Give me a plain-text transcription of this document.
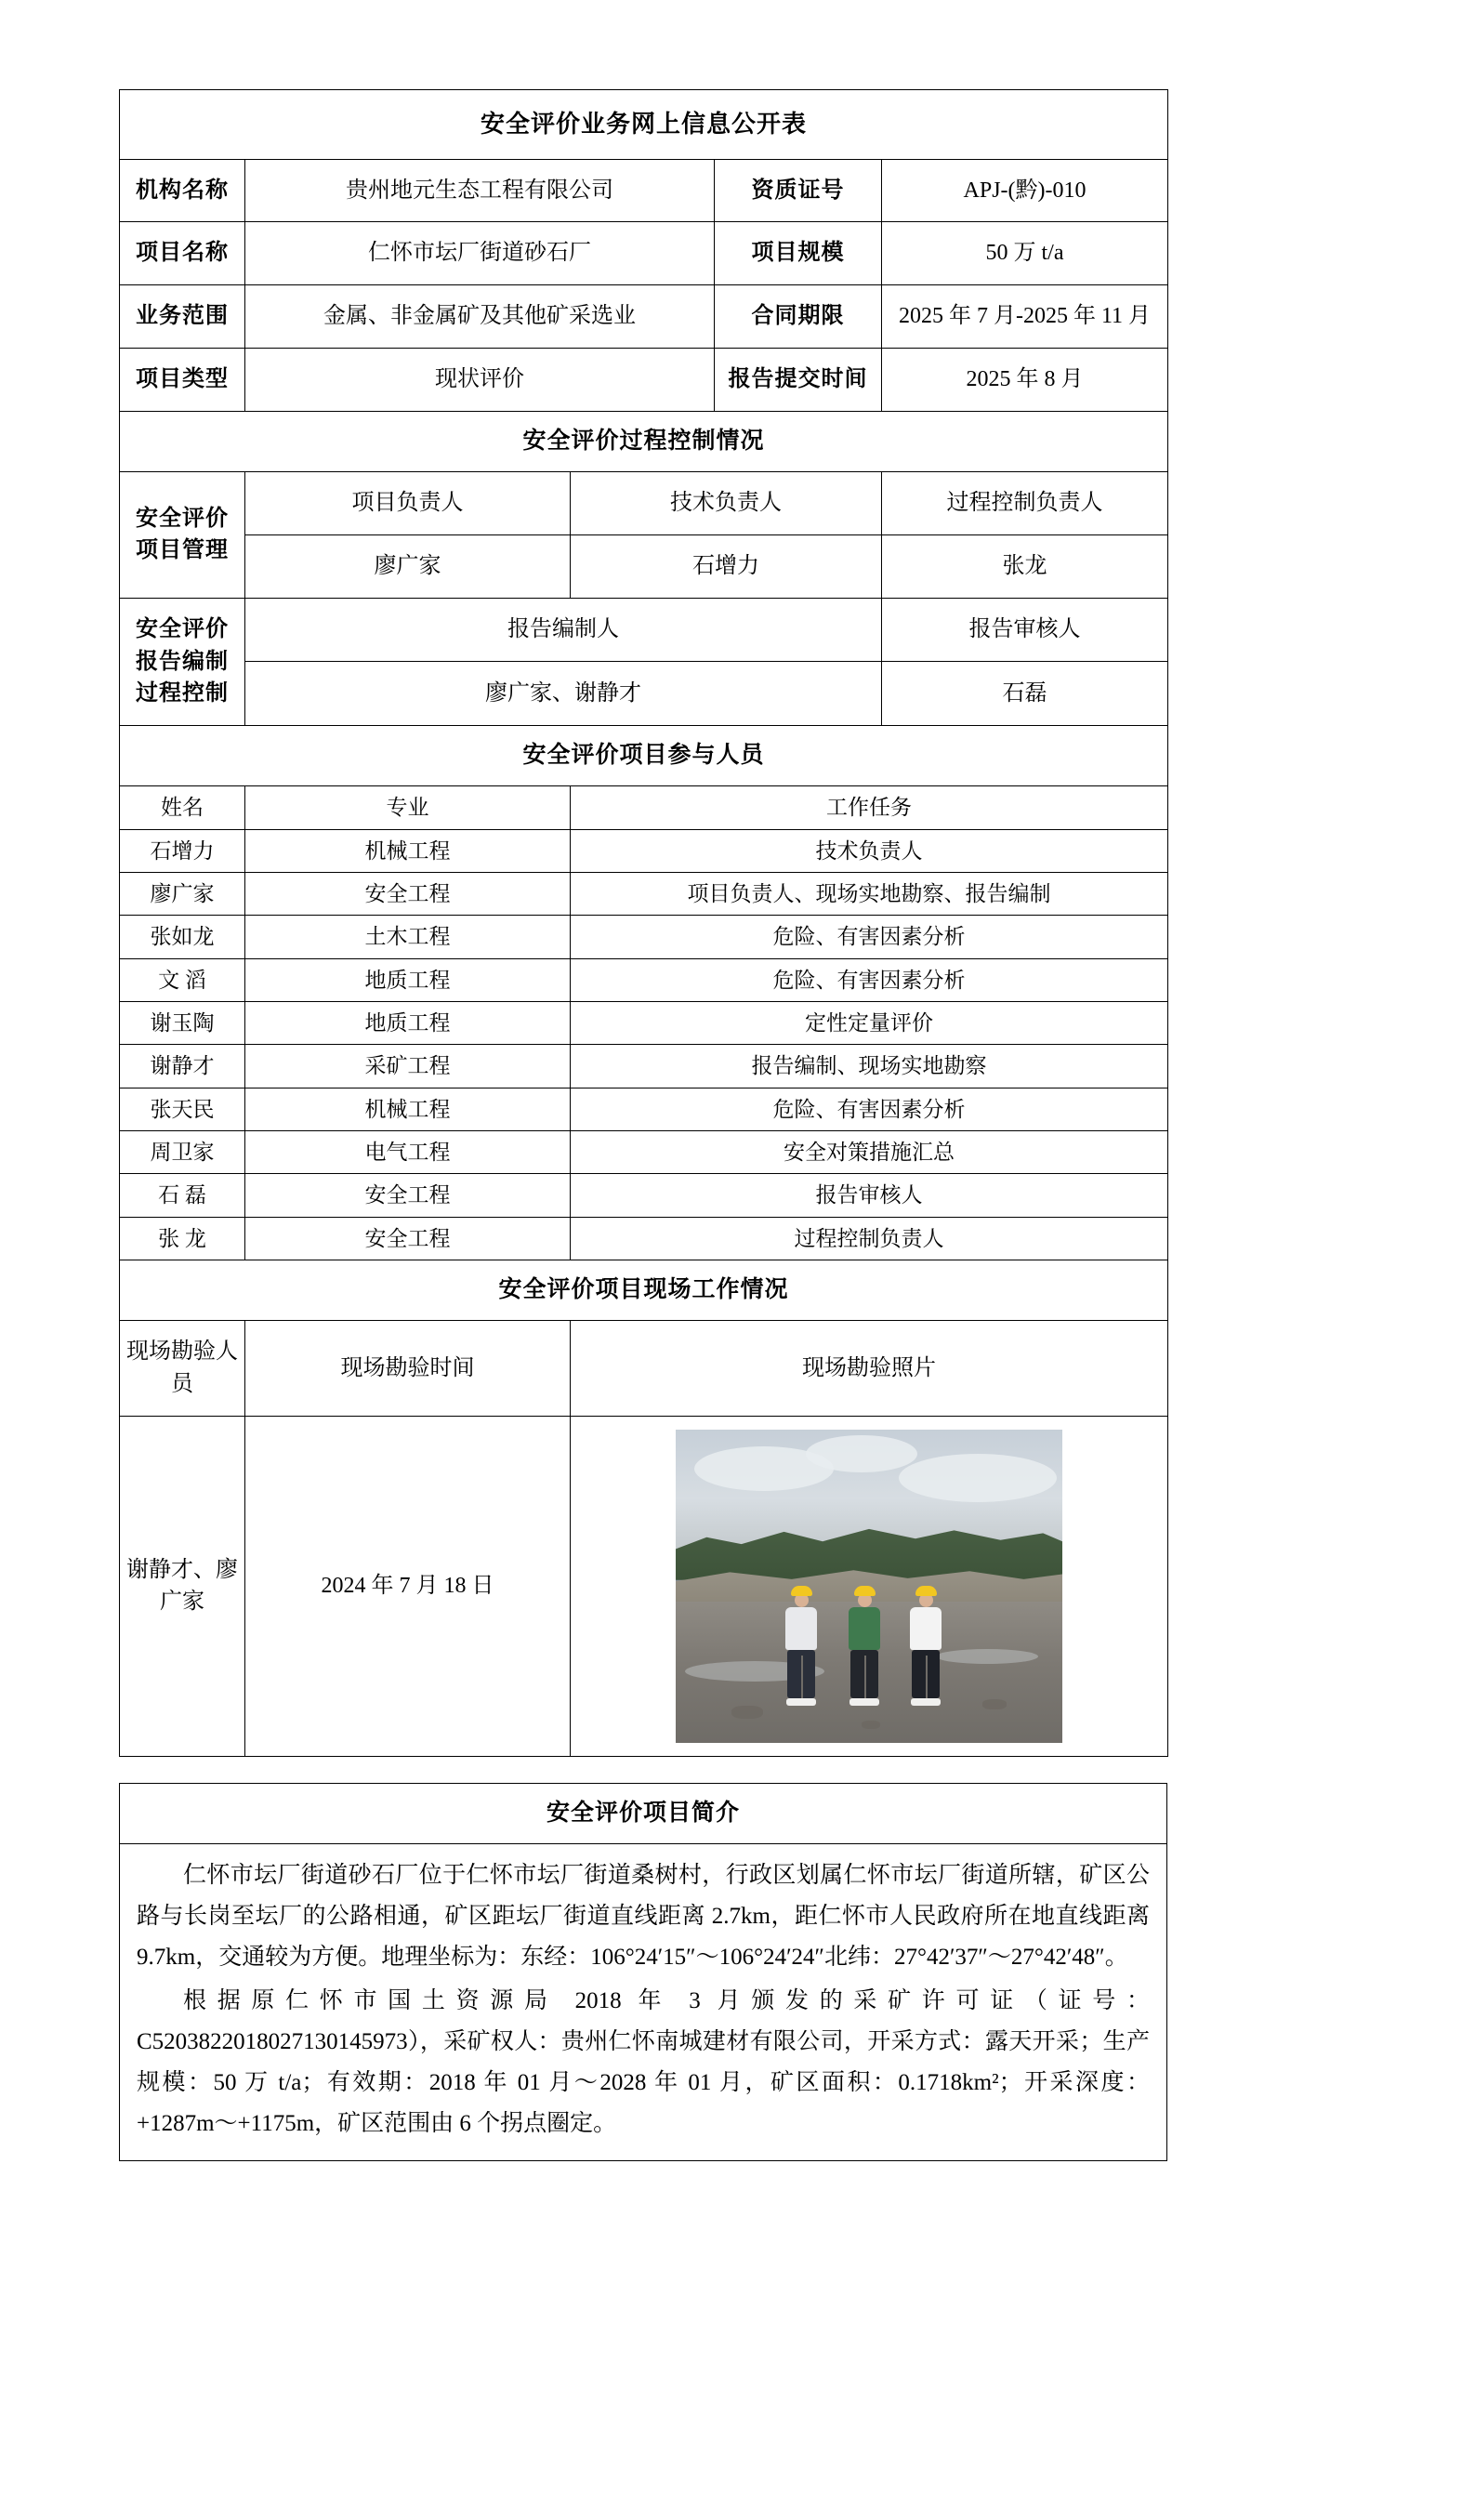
安全评价业务网上信息公开表				
机构名称	贵州地元生态工程有限公司		资质证号	APJ-(黔)-010
项目名称	仁怀市坛厂街道砂石厂		项目规模	50 万 t/a
业务范围	金属、非金属矿及其他矿采选业		合同期限	2025 年 7 月-2025 年 11 月
项目类型	现状评价		报告提交时间	2025 年 8 月
安全评价过程控制情况				
安全评价项目管理	项目负责人	技术负责人		过程控制负责人
	廖广家	石增力		张龙
安全评价报告编制过程控制	报告编制人			报告审核人
	廖广家、谢静才			石磊
安全评价项目参与人员				
姓名	专业	工作任务		
石增力	机械工程	技术负责人		
廖广家	安全工程	项目负责人、现场实地勘察、报告编制		
张如龙	土木工程	危险、有害因素分析		
文 滔	地质工程	危险、有害因素分析		
谢玉陶	地质工程	定性定量评价		
谢静才	采矿工程	报告编制、现场实地勘察		
张天民	机械工程	危险、有害因素分析		
周卫家	电气工程	安全对策措施汇总		
石 磊	安全工程	报告审核人		
张 龙	安全工程	过程控制负责人		
安全评价项目现场工作情况				
现场勘验人员	现场勘验时间	现场勘验照片		
谢静才、廖广家	2024 年 7 月 18 日			
安全评价项目简介

仁怀市坛厂街道砂石厂位于仁怀市坛厂街道桑树村，行政区划属仁怀市坛厂街道所辖，矿区公路与长岗至坛厂的公路相通，矿区距坛厂街道直线距离 2.7km，距仁怀市人民政府所在地直线距离 9.7km，交通较为方便。地理坐标为：东经：106°24′15″～106°24′24″北纬：27°42′37″～27°42′48″。

根据原仁怀市国土资源局 2018 年 3 月颁发的采矿许可证（证号：C5203822018027130145973），采矿权人：贵州仁怀南城建材有限公司，开采方式：露天开采；生产规模：50 万 t/a；有效期：2018 年 01 月～2028 年 01 月，矿区面积：0.1718km²；开采深度：+1287m～+1175m，矿区范围由 6 个拐点圈定。
